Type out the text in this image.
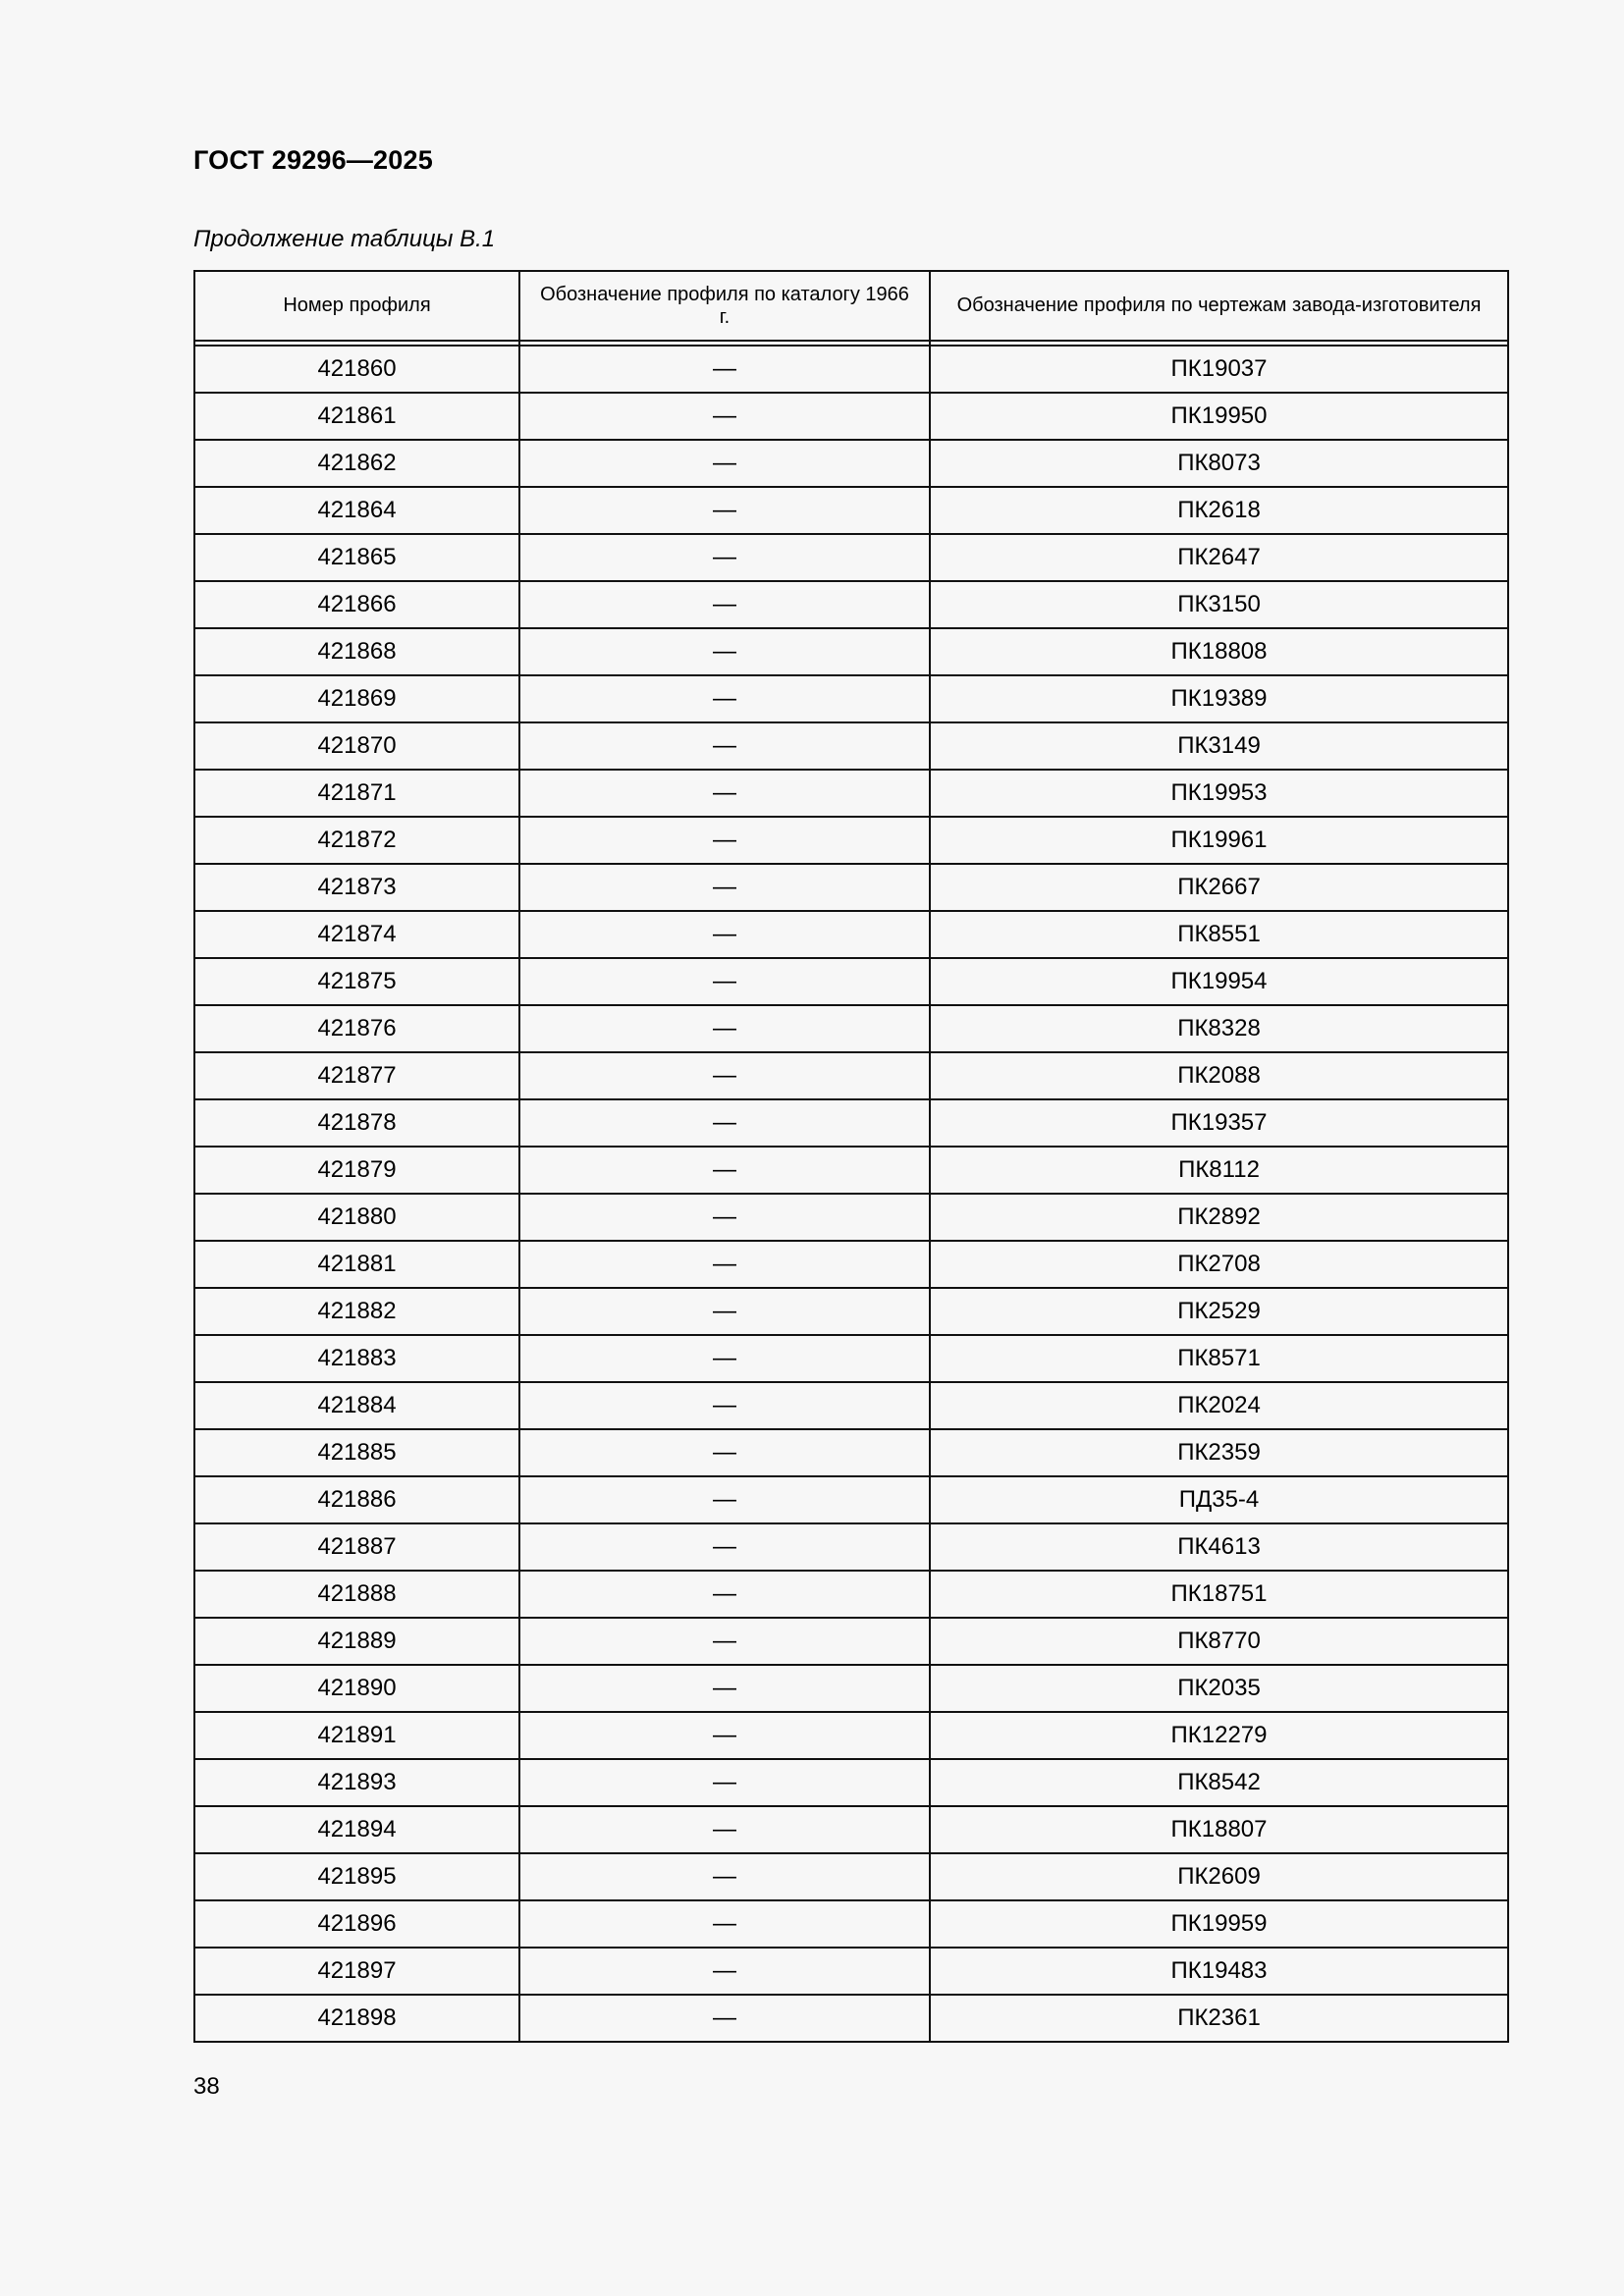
ГОСТ 29296—2025
Продолжение таблицы В.1
Номер профиля	Обозначение профиля по каталогу 1966 г.	Обозначение профиля по чертежам завода-изготовителя

421860	—	ПК19037
421861	—	ПК19950
421862	—	ПК8073
421864	—	ПК2618
421865	—	ПК2647
421866	—	ПК3150
421868	—	ПК18808
421869	—	ПК19389
421870	—	ПК3149
421871	—	ПК19953
421872	—	ПК19961
421873	—	ПК2667
421874	—	ПК8551
421875	—	ПК19954
421876	—	ПК8328
421877	—	ПК2088
421878	—	ПК19357
421879	—	ПК8112
421880	—	ПК2892
421881	—	ПК2708
421882	—	ПК2529
421883	—	ПК8571
421884	—	ПК2024
421885	—	ПК2359
421886	—	ПД35-4
421887	—	ПК4613
421888	—	ПК18751
421889	—	ПК8770
421890	—	ПК2035
421891	—	ПК12279
421893	—	ПК8542
421894	—	ПК18807
421895	—	ПК2609
421896	—	ПК19959
421897	—	ПК19483
421898	—	ПК2361
38
